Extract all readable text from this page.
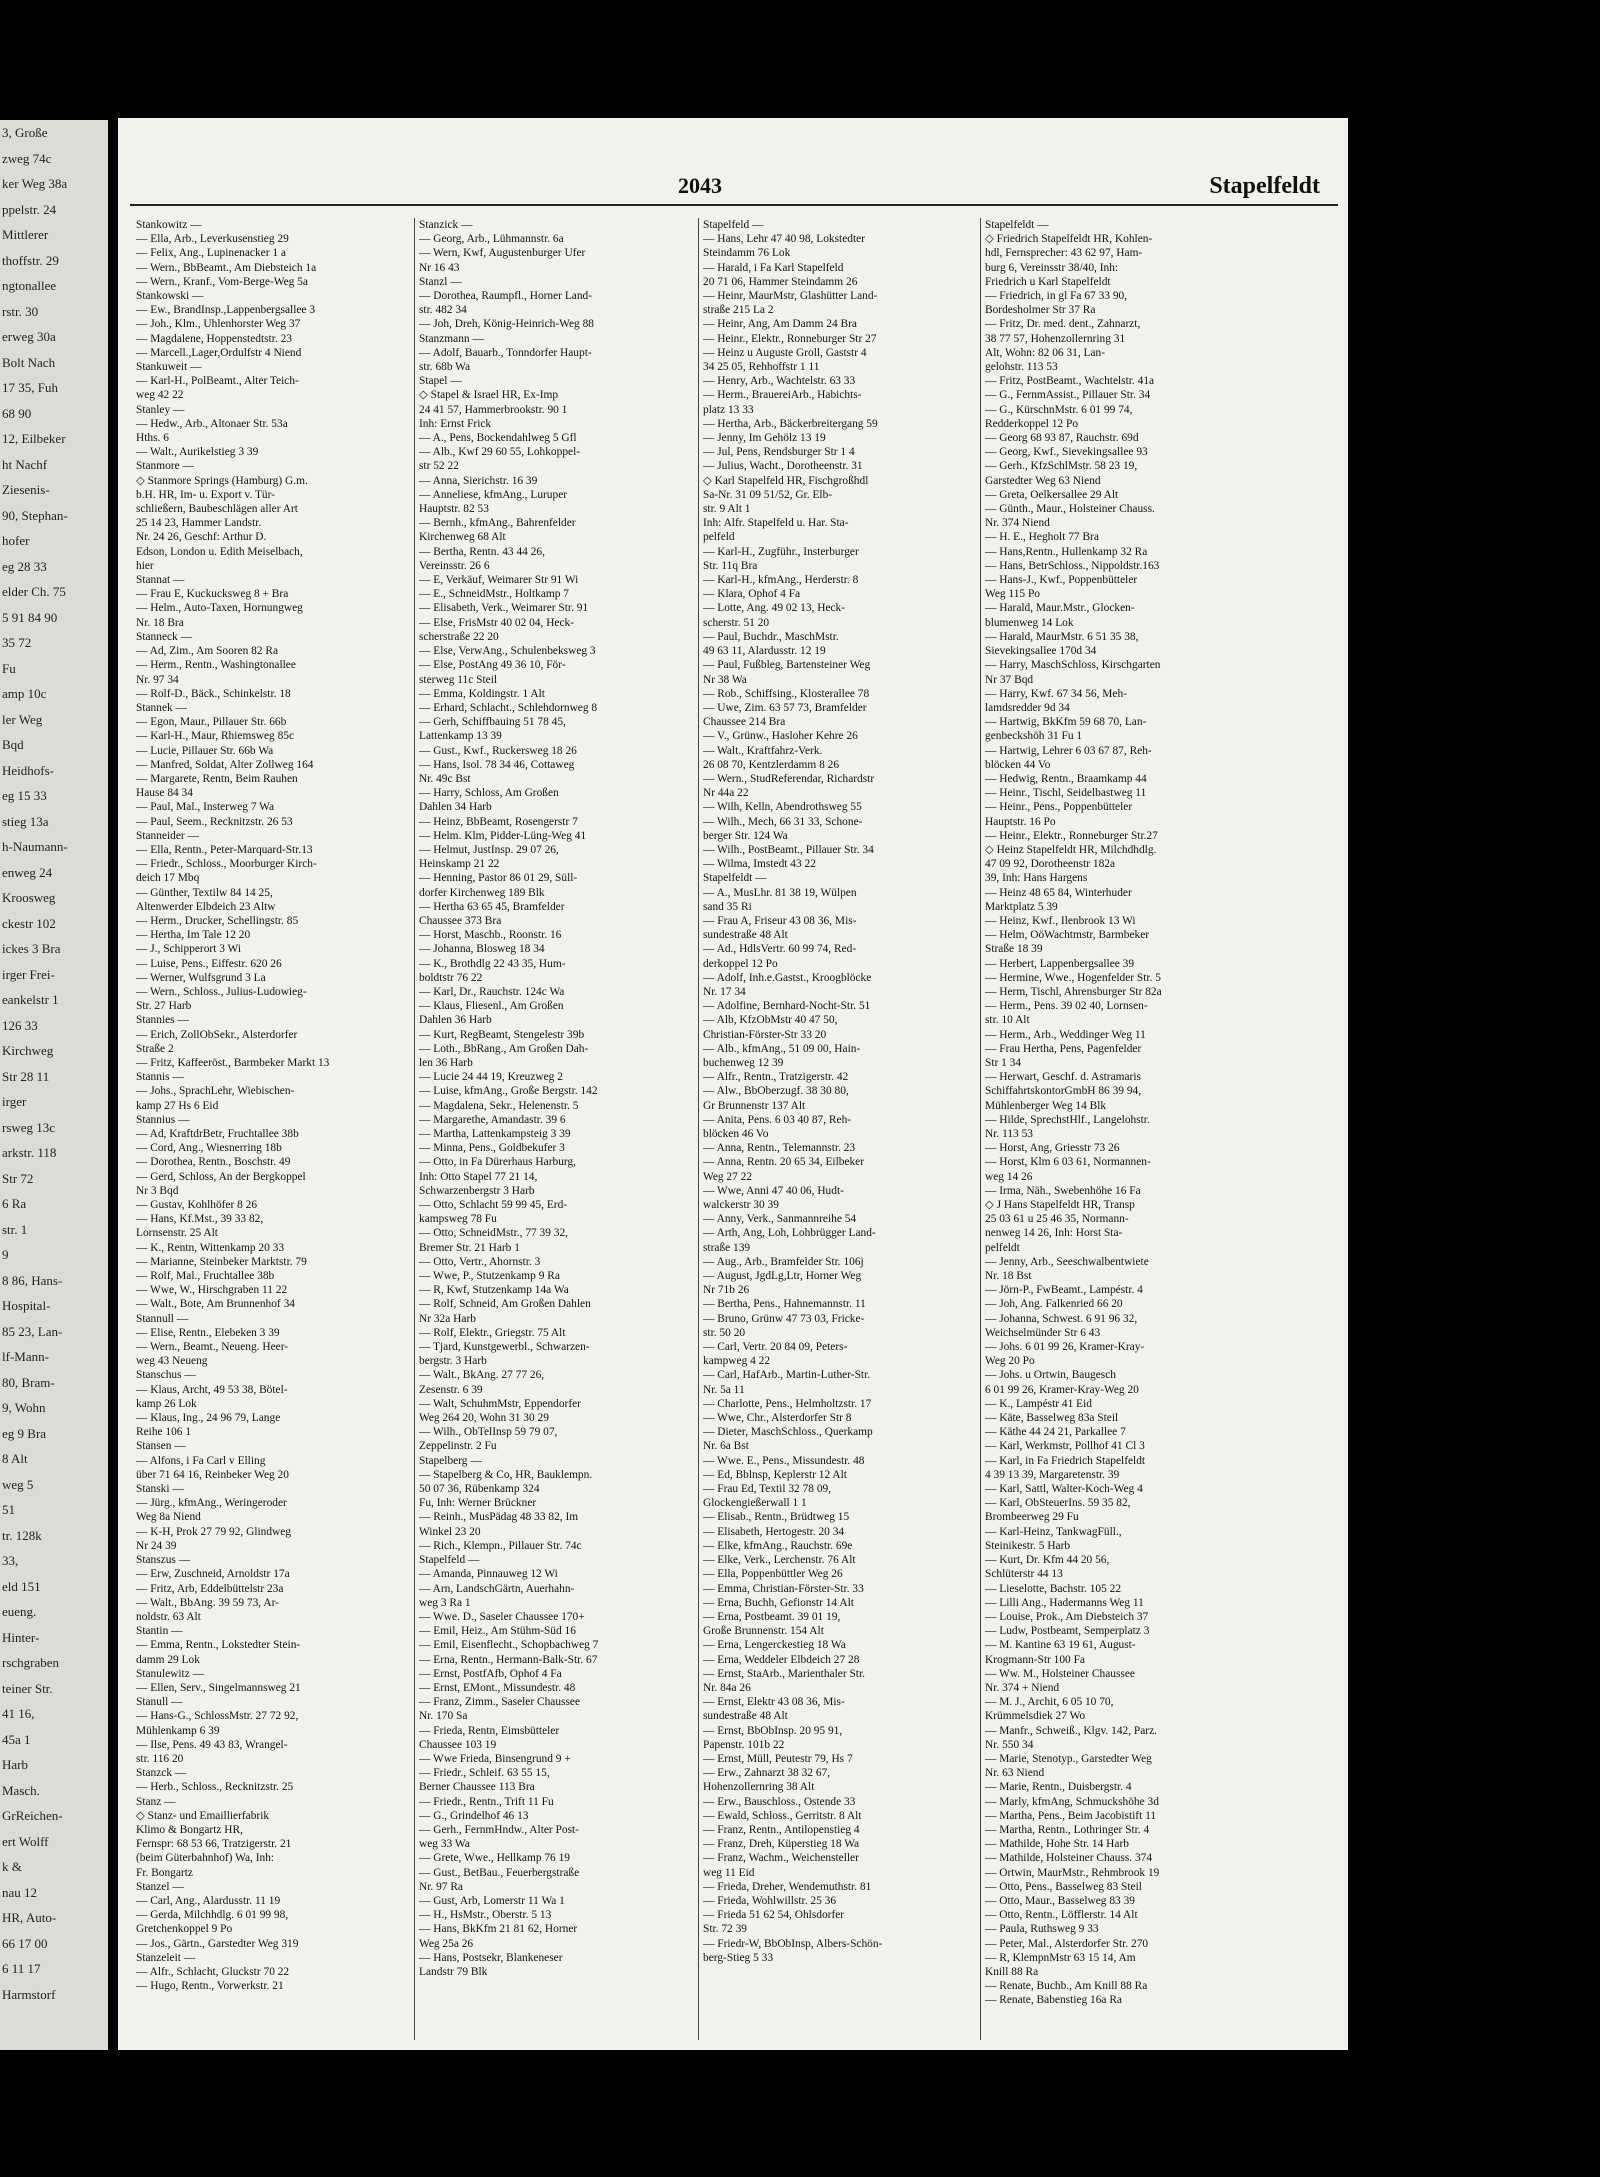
3, Große
zweg 74c
ker Weg 38a
ppelstr. 24
Mittlerer
thoffstr. 29
ngtonallee
rstr. 30
erweg 30a
Bolt Nach
17 35, Fuh
68 90
12, Eilbeker
ht Nachf
Ziesenis-
90, Stephan-
hofer
eg 28 33
elder Ch. 75
5 91 84 90
35 72
Fu
amp 10c
ler Weg
Bqd
Heidhofs-
eg 15 33
stieg 13a
h-Naumann-
enweg 24
Kroosweg
ckestr 102
ickes 3 Bra
irger Frei-
eankelstr 1
126 33
Kirchweg
Str 28 11
irger
rsweg 13c
arkstr. 118
Str 72
6 Ra
str. 1
9
8 86, Hans-
Hospital-
85 23, Lan-
lf-Mann-
80, Bram-
9, Wohn
eg 9 Bra
8 Alt
weg 5
51
tr. 128k
33,
eld 151
eueng.
Hinter-
rschgraben
teiner Str.
41 16,
45a 1
Harb
Masch.
GrReichen-
ert Wolff
k &
nau 12
HR, Auto-
66 17 00
6 11 17
Harmstorf
2043	Stapelfeldt
Stankowitz —
— Ella, Arb., Leverkusenstieg 29
— Felix, Ang., Lupinenacker 1 a
— Wern., BbBeamt., Am Diebsteich 1a
— Wern., Kranf., Vom-Berge-Weg 5a
Stankowski —
— Ew., BrandInsp.,Lappenbergsallee 3
— Joh., Klm., Uhlenhorster Weg 37
— Magdalene, Hoppenstedtstr. 23
— Marcell.,Lager,Ordulfstr 4 Niend
Stankuweit —
— Karl-H., PolBeamt., Alter Teich-
weg 42 22
Stanley —
— Hedw., Arb., Altonaer Str. 53a
Hths. 6
— Walt., Aurikelstieg 3 39
Stanmore —
◇ Stanmore Springs (Hamburg) G.m.
b.H. HR, Im- u. Export v. Tür-
schließern, Baubeschlägen aller Art
25 14 23, Hammer Landstr.
Nr. 24 26, Geschf: Arthur D.
Edson, London u. Edith Meiselbach,
hier
Stannat —
— Frau E, Kuckucksweg 8 + Bra
— Helm., Auto-Taxen, Hornungweg
Nr. 18 Bra
Stanneck —
— Ad, Zim., Am Sooren 82 Ra
— Herm., Rentn., Washingtonallee
Nr. 97 34
— Rolf-D., Bäck., Schinkelstr. 18
Stannek —
— Egon, Maur., Pillauer Str. 66b
— Karl-H., Maur, Rhiemsweg 85c
— Lucie, Pillauer Str. 66b Wa
— Manfred, Soldat, Alter Zollweg 164
— Margarete, Rentn, Beim Rauhen
Hause 84 34
— Paul, Mal., Insterweg 7 Wa
— Paul, Seem., Recknitzstr. 26 53
Stanneider —
— Ella, Rentn., Peter-Marquard-Str.13
— Friedr., Schloss., Moorburger Kirch-
deich 17 Mbq
— Günther, Textilw 84 14 25,
Altenwerder Elbdeich 23 Altw
— Herm., Drucker, Schellingstr. 85
— Hertha, Im Tale 12 20
— J., Schipperort 3 Wi
— Luise, Pens., Eiffestr. 620 26
— Werner, Wulfsgrund 3 La
— Wern., Schloss., Julius-Ludowieg-
Str. 27 Harb
Stannies —
— Erich, ZollObSekr., Alsterdorfer
Straße 2
— Fritz, Kaffeeröst., Barmbeker Markt 13
Stannis —
— Johs., SprachLehr, Wiebischen-
kamp 27 Hs 6 Eid
Stannius —
— Ad, KraftdrBetr, Fruchtallee 38b
— Cord, Ang., Wiesnerring 18b
— Dorothea, Rentn., Boschstr. 49
— Gerd, Schloss, An der Bergkoppel
Nr 3 Bqd
— Gustav, Kohlhöfer 8 26
— Hans, Kf.Mst., 39 33 82,
Lornsenstr. 25 Alt
— K., Rentn, Wittenkamp 20 33
— Marianne, Steinbeker Marktstr. 79
— Rolf, Mal., Fruchtallee 38b
— Wwe, W., Hirschgraben 11 22
— Walt., Bote, Am Brunnenhof 34
Stannull —
— Elise, Rentn., Elebeken 3 39
— Wern., Beamt., Neueng. Heer-
weg 43 Neueng
Stanschus —
— Klaus, Archt, 49 53 38, Bötel-
kamp 26 Lok
— Klaus, Ing., 24 96 79, Lange
Reihe 106 1
Stansen —
— Alfons, i Fa Carl v Elling
über 71 64 16, Reinbeker Weg 20
Stanski —
— Jürg., kfmAng., Weringeroder
Weg 8a Niend
— K-H, Prok 27 79 92, Glindweg
Nr 24 39
Stanszus —
— Erw, Zuschneid, Arnoldstr 17a
— Fritz, Arb, Eddelbüttelstr 23a
— Walt., BbAng. 39 59 73, Ar-
noldstr. 63 Alt
Stantin —
— Emma, Rentn., Lokstedter Stein-
damm 29 Lok
Stanulewitz —
— Ellen, Serv., Singelmannsweg 21
Stanull —
— Hans-G., SchlossMstr. 27 72 92,
Mühlenkamp 6 39
— Ilse, Pens. 49 43 83, Wrangel-
str. 116 20
Stanzck —
— Herb., Schloss., Recknitzstr. 25
Stanz —
◇ Stanz- und Emaillierfabrik
Klimo & Bongartz HR,
Fernspr: 68 53 66, Tratzigerstr. 21
(beim Güterbahnhof) Wa, Inh:
Fr. Bongartz
Stanzel —
— Carl, Ang., Alardusstr. 11 19
— Gerda, Milchhdlg. 6 01 99 98,
Gretchenkoppel 9 Po
— Jos., Gärtn., Garstedter Weg 319
Stanzeleit —
— Alfr., Schlacht, Gluckstr 70 22
— Hugo, Rentn., Vorwerkstr. 21
Stanzick —
— Georg, Arb., Lühmannstr. 6a
— Wern, Kwf, Augustenburger Ufer
Nr 16 43
Stanzl —
— Dorothea, Raumpfl., Horner Land-
str. 482 34
— Joh, Dreh, König-Heinrich-Weg 88
Stanzmann —
— Adolf, Bauarb., Tonndorfer Haupt-
str. 68b Wa
Stapel —
◇ Stapel & Israel HR, Ex-Imp
24 41 57, Hammerbrookstr. 90 1
Inh: Ernst Frick
— A., Pens, Bockendahlweg 5 Gfl
— Alb., Kwf 29 60 55, Lohkoppel-
str 52 22
— Anna, Sierichstr. 16 39
— Anneliese, kfmAng., Luruper
Hauptstr. 82 53
— Bernh., kfmAng., Bahrenfelder
Kirchenweg 68 Alt
— Bertha, Rentn. 43 44 26,
Vereinsstr. 26 6
— E, Verkäuf, Weimarer Str 91 Wi
— E., SchneidMstr., Holtkamp 7
— Elisabeth, Verk., Weimarer Str. 91
— Else, FrisMstr 40 02 04, Heck-
scherstraße 22 20
— Else, VerwAng., Schulenbeksweg 3
— Else, PostAng 49 36 10, För-
sterweg 11c Steil
— Emma, Koldingstr. 1 Alt
— Erhard, Schlacht., Schlehdornweg 8
— Gerh, Schiffbauing 51 78 45,
Lattenkamp 13 39
— Gust., Kwf., Ruckersweg 18 26
— Hans, Isol. 78 34 46, Cottaweg
Nr. 49c Bst
— Harry, Schloss, Am Großen
Dahlen 34 Harb
— Heinz, BbBeamt, Rosengerstr 7
— Helm. Klm, Pidder-Lüng-Weg 41
— Helmut, JustInsp. 29 07 26,
Heinskamp 21 22
— Henning, Pastor 86 01 29, Süll-
dorfer Kirchenweg 189 Blk
— Hertha 63 65 45, Bramfelder
Chaussee 373 Bra
— Horst, Maschb., Roonstr. 16
— Johanna, Blosweg 18 34
— K., Brothdlg 22 43 35, Hum-
boldtstr 76 22
— Karl, Dr., Rauchstr. 124c Wa
— Klaus, Fliesenl., Am Großen
Dahlen 36 Harb
— Kurt, RegBeamt, Stengelestr 39b
— Loth., BbRang., Am Großen Dah-
len 36 Harb
— Lucie 24 44 19, Kreuzweg 2
— Luise, kfmAng., Große Bergstr. 142
— Magdalena, Sekr., Helenenstr. 5
— Margarethe, Amandastr. 39 6
— Martha, Lattenkampsteig 3 39
— Minna, Pens., Goldbekufer 3
— Otto, in Fa Dürerhaus Harburg,
Inh: Otto Stapel 77 21 14,
Schwarzenbergstr 3 Harb
— Otto, Schlacht 59 99 45, Erd-
kampsweg 78 Fu
— Otto, SchneidMstr., 77 39 32,
Bremer Str. 21 Harb 1
— Otto, Vertr., Ahornstr. 3
— Wwe, P., Stutzenkamp 9 Ra
— R, Kwf, Stutzenkamp 14a Wa
— Rolf, Schneid, Am Großen Dahlen
Nr 32a Harb
— Rolf, Elektr., Griegstr. 75 Alt
— Tjard, Kunstgewerbl., Schwarzen-
bergstr. 3 Harb
— Walt., BkAng. 27 77 26,
Zesenstr. 6 39
— Walt, SchuhmMstr, Eppendorfer
Weg 264 20, Wohn 31 30 29
— Wilh., ObTelInsp 59 79 07,
Zeppelinstr. 2 Fu
Stapelberg —
— Stapelberg & Co, HR, Bauklempn.
50 07 36, Rübenkamp 324
Fu, Inh: Werner Brückner
— Reinh., MusPädag 48 33 82, Im
Winkel 23 20
— Rich., Klempn., Pillauer Str. 74c
Stapelfeld —
— Amanda, Pinnauweg 12 Wi
— Arn, LandschGärtn, Auerhahn-
weg 3 Ra 1
— Wwe. D., Saseler Chaussee 170+
— Emil, Heiz., Am Stühm-Süd 16
— Emil, Eisenflecht., Schopbachweg 7
— Erna, Rentn., Hermann-Balk-Str. 67
— Ernst, PostfAfb, Ophof 4 Fa
— Ernst, EMont., Missundestr. 48
— Franz, Zimm., Saseler Chaussee
Nr. 170 Sa
— Frieda, Rentn, Eimsbütteler
Chaussee 103 19
— Wwe Frieda, Binsengrund 9 +
— Friedr., Schleif. 63 55 15,
Berner Chaussee 113 Bra
— Friedr., Rentn., Trift 11 Fu
— G., Grindelhof 46 13
— Gerh., FernmHndw., Alter Post-
weg 33 Wa
— Grete, Wwe., Hellkamp 76 19
— Gust., BetBau., Feuerbergstraße
Nr. 97 Ra
— Gust, Arb, Lomerstr 11 Wa 1
— H., HsMstr., Oberstr. 5 13
— Hans, BkKfm 21 81 62, Horner
Weg 25a 26
— Hans, Postsekr, Blankeneser
Landstr 79 Blk
Stapelfeld —
— Hans, Lehr 47 40 98, Lokstedter
Steindamm 76 Lok
— Harald, i Fa Karl Stapelfeld
20 71 06, Hammer Steindamm 26
— Heinr, MaurMstr, Glashütter Land-
straße 215 La 2
— Heinr, Ang, Am Damm 24 Bra
— Heinr., Elektr., Ronneburger Str 27
— Heinz u Auguste Groll, Gaststr 4
34 25 05, Rehhoffstr 1 11
— Henry, Arb., Wachtelstr. 63 33
— Herm., BrauereiArb., Habichts-
platz 13 33
— Hertha, Arb., Bäckerbreitergang 59
— Jenny, Im Gehölz 13 19
— Jul, Pens, Rendsburger Str 1 4
— Julius, Wacht., Dorotheenstr. 31
◇ Karl Stapelfeld HR, Fischgroßhdl
Sa-Nr. 31 09 51/52, Gr. Elb-
str. 9 Alt 1
Inh: Alfr. Stapelfeld u. Har. Sta-
pelfeld
— Karl-H., Zugführ., Insterburger
Str. 11q Bra
— Karl-H., kfmAng., Herderstr. 8
— Klara, Ophof 4 Fa
— Lotte, Ang. 49 02 13, Heck-
scherstr. 51 20
— Paul, Buchdr., MaschMstr.
49 63 11, Alardusstr. 12 19
— Paul, Fußbleg, Bartensteiner Weg
Nr 38 Wa
— Rob., Schiffsing., Klosterallee 78
— Uwe, Zim. 63 57 73, Bramfelder
Chaussee 214 Bra
— V., Grünw., Hasloher Kehre 26
— Walt., Kraftfahrz-Verk.
26 08 70, Kentzlerdamm 8 26
— Wern., StudReferendar, Richardstr
Nr 44a 22
— Wilh, Kelln, Abendrothsweg 55
— Wilh., Mech, 66 31 33, Schone-
berger Str. 124 Wa
— Wilh., PostBeamt., Pillauer Str. 34
— Wilma, Imstedt 43 22
Stapelfeldt —
— A., MusLhr. 81 38 19, Wülpen
sand 35 Ri
— Frau A, Friseur 43 08 36, Mis-
sundestraße 48 Alt
— Ad., HdlsVertr. 60 99 74, Red-
derkoppel 12 Po
— Adolf, Inh.e.Gastst., Kroogblöcke
Nr. 17 34
— Adolfine, Bernhard-Nocht-Str. 51
— Alb, KfzObMstr 40 47 50,
Christian-Förster-Str 33 20
— Alb., kfmAng., 51 09 00, Hain-
buchenweg 12 39
— Alfr., Rentn., Tratzigerstr. 42
— Alw., BbOberzugf. 38 30 80,
Gr Brunnenstr 137 Alt
— Anita, Pens. 6 03 40 87, Reh-
blöcken 46 Vo
— Anna, Rentn., Telemannstr. 23
— Anna, Rentn. 20 65 34, Eilbeker
Weg 27 22
— Wwe, Anni 47 40 06, Hudt-
walckerstr 30 39
— Anny, Verk., Sanmannreihe 54
— Arth, Ang, Loh, Lohbrügger Land-
straße 139
— Aug., Arb., Bramfelder Str. 106j
— August, JgdLg,Ltr, Horner Weg
Nr 71b 26
— Bertha, Pens., Hahnemannstr. 11
— Bruno, Grünw 47 73 03, Fricke-
str. 50 20
— Carl, Vertr. 20 84 09, Peters-
kampweg 4 22
— Carl, HafArb., Martin-Luther-Str.
Nr. 5a 11
— Charlotte, Pens., Helmholtzstr. 17
— Wwe, Chr., Alsterdorfer Str 8
— Dieter, MaschSchloss., Querkamp
Nr. 6a Bst
— Wwe. E., Pens., Missundestr. 48
— Ed, Bblnsp, Keplerstr 12 Alt
— Frau Ed, Textil 32 78 09,
Glockengießerwall 1 1
— Elisab., Rentn., Brüdtweg 15
— Elisabeth, Hertogestr. 20 34
— Elke, kfmAng., Rauchstr. 69e
— Elke, Verk., Lerchenstr. 76 Alt
— Ella, Poppenbüttler Weg 26
— Emma, Christian-Förster-Str. 33
— Erna, Buchh, Gefionstr 14 Alt
— Erna, Postbeamt. 39 01 19,
Große Brunnenstr. 154 Alt
— Erna, Lengerckestieg 18 Wa
— Erna, Weddeler Elbdeich 27 28
— Ernst, StaArb., Marienthaler Str.
Nr. 84a 26
— Ernst, Elektr 43 08 36, Mis-
sundestraße 48 Alt
— Ernst, BbObInsp. 20 95 91,
Papenstr. 101b 22
— Ernst, Müll, Peutestr 79, Hs 7
— Erw., Zahnarzt 38 32 67,
Hohenzollernring 38 Alt
— Erw., Bauschloss., Ostende 33
— Ewald, Schloss., Gerritstr. 8 Alt
— Franz, Rentn., Antilopenstieg 4
— Franz, Dreh, Küperstieg 18 Wa
— Franz, Wachm., Weichensteller
weg 11 Eid
— Frieda, Dreher, Wendemuthstr. 81
— Frieda, Wohlwillstr. 25 36
— Frieda 51 62 54, Ohlsdorfer
Str. 72 39
— Friedr-W, BbObInsp, Albers-Schön-
berg-Stieg 5 33
Stapelfeldt —
◇ Friedrich Stapelfeldt HR, Kohlen-
hdl, Fernsprecher: 43 62 97, Ham-
burg 6, Vereinsstr 38/40, Inh:
Friedrich u Karl Stapelfeldt
— Friedrich, in gl Fa 67 33 90,
Bordesholmer Str 37 Ra
— Fritz, Dr. med. dent., Zahnarzt,
38 77 57, Hohenzollernring 31
Alt, Wohn: 82 06 31, Lan-
gelohstr. 113 53
— Fritz, PostBeamt., Wachtelstr. 41a
— G., FernmAssist., Pillauer Str. 34
— G., KürschnMstr. 6 01 99 74,
Redderkoppel 12 Po
— Georg 68 93 87, Rauchstr. 69d
— Georg, Kwf., Sievekingsallee 93
— Gerh., KfzSchlMstr. 58 23 19,
Garstedter Weg 63 Niend
— Greta, Oelkersallee 29 Alt
— Günth., Maur., Holsteiner Chauss.
Nr. 374 Niend
— H. E., Hegholt 77 Bra
— Hans,Rentn., Hullenkamp 32 Ra
— Hans, BetrSchloss., Nippoldstr.163
— Hans-J., Kwf., Poppenbütteler
Weg 115 Po
— Harald, Maur.Mstr., Glocken-
blumenweg 14 Lok
— Harald, MaurMstr. 6 51 35 38,
Sievekingsallee 170d 34
— Harry, MaschSchloss, Kirschgarten
Nr 37 Bqd
— Harry, Kwf. 67 34 56, Meh-
lamdsredder 9d 34
— Hartwig, BkKfm 59 68 70, Lan-
genbeckshöh 31 Fu 1
— Hartwig, Lehrer 6 03 67 87, Reh-
blöcken 44 Vo
— Hedwig, Rentn., Braamkamp 44
— Heinr., Tischl, Seidelbastweg 11
— Heinr., Pens., Poppenbütteler
Hauptstr. 16 Po
— Heinr., Elektr., Ronneburger Str.27
◇ Heinz Stapelfeldt HR, Milchdhdlg.
47 09 92, Dorotheenstr 182a
39, Inh: Hans Hargens
— Heinz 48 65 84, Winterhuder
Marktplatz 5 39
— Heinz, Kwf., Ilenbrook 13 Wi
— Helm, OöWachtmstr, Barmbeker
Straße 18 39
— Herbert, Lappenbergsallee 39
— Hermine, Wwe., Hogenfelder Str. 5
— Herm, Tischl, Ahrensburger Str 82a
— Herm., Pens. 39 02 40, Lornsen-
str. 10 Alt
— Herm., Arb., Weddinger Weg 11
— Frau Hertha, Pens, Pagenfelder
Str 1 34
— Herwart, Geschf. d. Astramaris
SchiffahrtskontorGmbH 86 39 94,
Mühlenberger Weg 14 Blk
— Hilde, SprechstHlf., Langelohstr.
Nr. 113 53
— Horst, Ang, Griesstr 73 26
— Horst, Klm 6 03 61, Normannen-
weg 14 26
— Irma, Näh., Swebenhöhe 16 Fa
◇ J Hans Stapelfeldt HR, Transp
25 03 61 u 25 46 35, Normann-
nenweg 14 26, Inh: Horst Sta-
pelfeldt
— Jenny, Arb., Seeschwalbentwiete
Nr. 18 Bst
— Jörn-P., FwBeamt., Lampéstr. 4
— Joh, Ang. Falkenried 66 20
— Johanna, Schwest. 6 91 96 32,
Weichselmünder Str 6 43
— Johs. 6 01 99 26, Kramer-Kray-
Weg 20 Po
— Johs. u Ortwin, Baugesch
6 01 99 26, Kramer-Kray-Weg 20
— K., Lampéstr 41 Eid
— Käte, Basselweg 83a Steil
— Käthe 44 24 21, Parkallee 7
— Karl, Werkmstr, Pollhof 41 Cl 3
— Karl, in Fa Friedrich Stapelfeldt
4 39 13 39, Margaretenstr. 39
— Karl, Sattl, Walter-Koch-Weg 4
— Karl, ObSteuerIns. 59 35 82,
Brombeerweg 29 Fu
— Karl-Heinz, TankwagFüll.,
Steinikestr. 5 Harb
— Kurt, Dr. Kfm 44 20 56,
Schlüterstr 44 13
— Lieselotte, Bachstr. 105 22
— Lilli Ang., Hadermanns Weg 11
— Louise, Prok., Am Diebsteich 37
— Ludw, Postbeamt, Semperplatz 3
— M. Kantine 63 19 61, August-
Krogmann-Str 100 Fa
— Ww. M., Holsteiner Chaussee
Nr. 374 + Niend
— M. J., Archit, 6 05 10 70,
Krümmelsdiek 27 Wo
— Manfr., Schweiß., Klgv. 142, Parz.
Nr. 550 34
— Marie, Stenotyp., Garstedter Weg
Nr. 63 Niend
— Marie, Rentn., Duisbergstr. 4
— Marly, kfmAng, Schmuckshöhe 3d
— Martha, Pens., Beim Jacobistift 11
— Martha, Rentn., Lothringer Str. 4
— Mathilde, Hohe Str. 14 Harb
— Mathilde, Holsteiner Chauss. 374
— Ortwin, MaurMstr., Rehmbrook 19
— Otto, Pens., Basselweg 83 Steil
— Otto, Maur., Basselweg 83 39
— Otto, Rentn., Löfflerstr. 14 Alt
— Paula, Ruthsweg 9 33
— Peter, Mal., Alsterdorfer Str. 270
— R, KlempnMstr 63 15 14, Am
Knill 88 Ra
— Renate, Buchb., Am Knill 88 Ra
— Renate, Babenstieg 16a Ra
